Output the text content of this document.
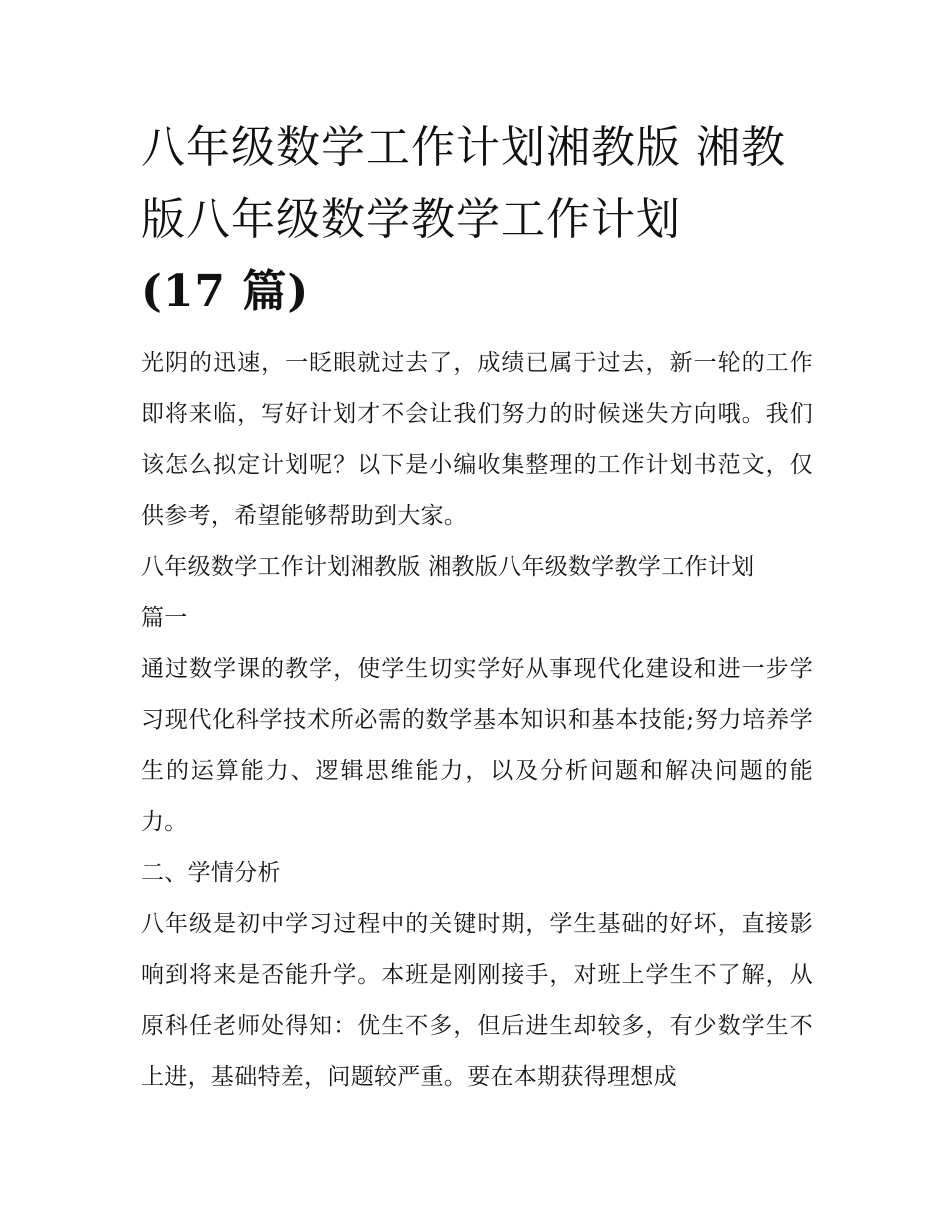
八年级数学工作计划湘教版 湘教版八年级数学教学工作计划
(17 篇)

光阴的迅速，一眨眼就过去了，成绩已属于过去，新一轮的工作即将来临，写好计划才不会让我们努力的时候迷失方向哦。我们该怎么拟定计划呢？以下是小编收集整理的工作计划书范文，仅供参考，希望能够帮助到大家。

八年级数学工作计划湘教版 湘教版八年级数学教学工作计划
篇一

通过数学课的教学，使学生切实学好从事现代化建设和进一步学习现代化科学技术所必需的数学基本知识和基本技能;努力培养学生的运算能力、逻辑思维能力，以及分析问题和解决问题的能力。

二、学情分析

八年级是初中学习过程中的关键时期，学生基础的好坏，直接影响到将来是否能升学。本班是刚刚接手，对班上学生不了解，从原科任老师处得知：优生不多，但后进生却较多，有少数学生不上进，基础特差，问题较严重。要在本期获得理想成
